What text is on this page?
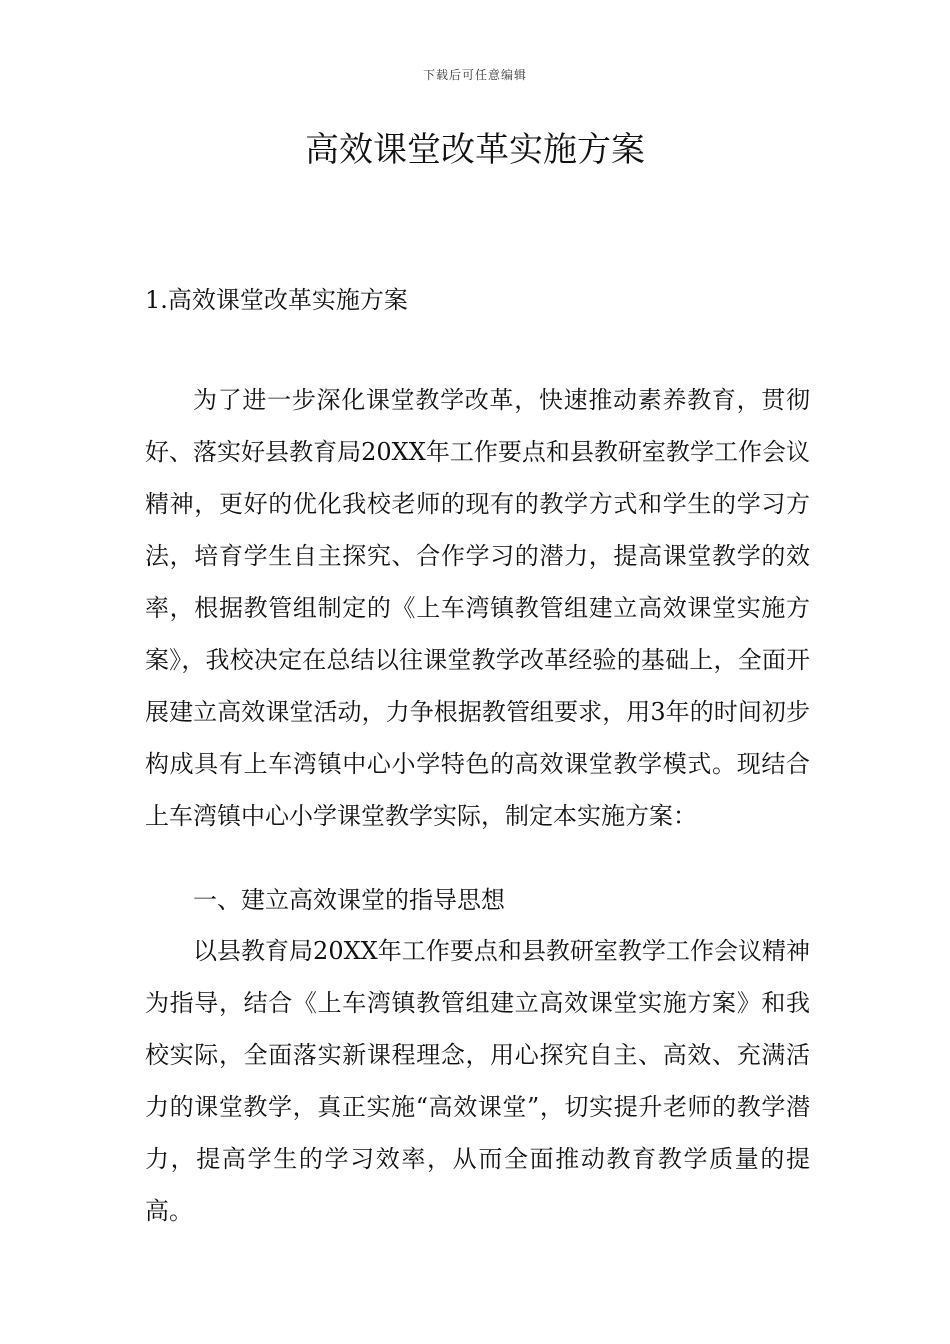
下载后可任意编辑
高效课堂改革实施方案
1.高效课堂改革实施方案
为了进一步深化课堂教学改革，快速推动素养教育，贯彻好、落实好县教育局20XX年工作要点和县教研室教学工作会议精神，更好的优化我校老师的现有的教学方式和学生的学习方法，培育学生自主探究、合作学习的潜力，提高课堂教学的效率，根据教管组制定的《上车湾镇教管组建立高效课堂实施方案》，我校决定在总结以往课堂教学改革经验的基础上，全面开展建立高效课堂活动，力争根据教管组要求，用3年的时间初步构成具有上车湾镇中心小学特色的高效课堂教学模式。现结合上车湾镇中心小学课堂教学实际，制定本实施方案：
一、建立高效课堂的指导思想
以县教育局20XX年工作要点和县教研室教学工作会议精神为指导，结合《上车湾镇教管组建立高效课堂实施方案》和我校实际，全面落实新课程理念，用心探究自主、高效、充满活力的课堂教学，真正实施“高效课堂”，切实提升老师的教学潜力，提高学生的学习效率，从而全面推动教育教学质量的提高。
